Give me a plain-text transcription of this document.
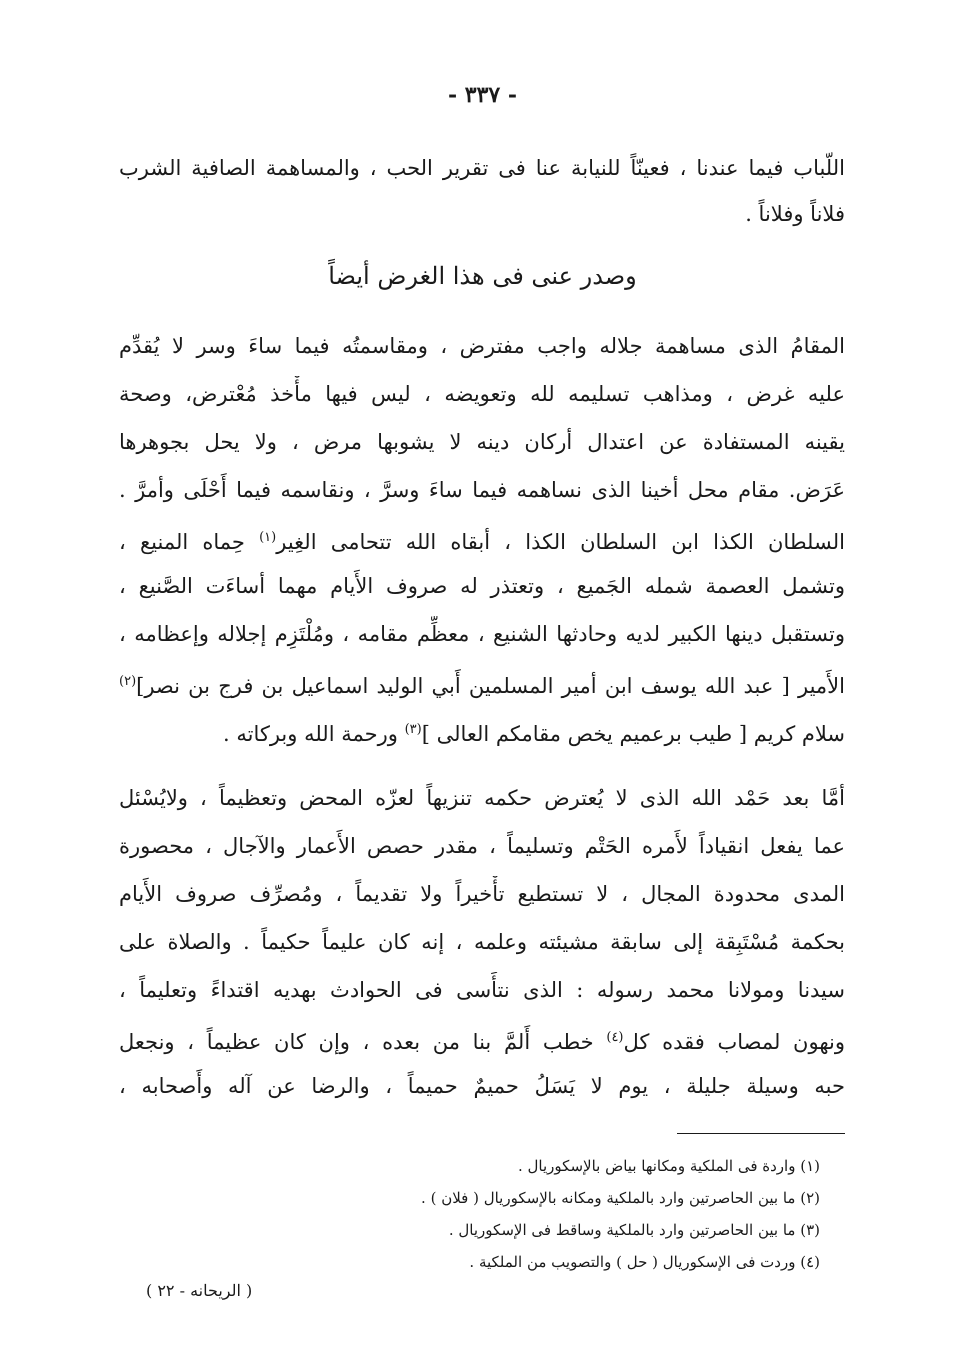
- ٣٣٧ -
اللّباب فيما عندنا ، فعينّاً للنيابة عنا فى تقرير الحب ، والمساهمة الصافية الشرب
فلاناً وفلاناً .
وصدر عنى فى هذا الغرض أيضاً
المقامُ الذى مساهمة جلاله واجب مفترض ، ومقاسمتُه فيما ساءَ وسر لا يُقدِّم
عليه غرض ، ومذاهب تسليمه لله وتعويضه ، ليس فيها مأْخذ مُعْترض، وصحة
يقينه المستفادة عن اعتدال أركان دينه لا يشوبها مرض ، ولا يحل بجوهرها
عَرَض. مقام محل أخينا الذى نساهمه فيما ساءَ وسرَّ ، ونقاسمه فيما أَحْلَى وأمرَّ .
السلطان الكذا ابن السلطان الكذا ، أبقاه الله تتحامى الغِير$^{(١)}$ حِماه المنيع ،
وتشمل العصمة شمله الجَميع ، وتعتذر له صروف الأَيام مهما أساءَت الصَّنيع ،
وتستقبل دينها الكبير لديه وحادثها الشنيع ، معظِّم مقامه ، ومُلْتَزِم إجلاله وإعظامه ،
الأَمير [ عبد الله يوسف ابن أمير المسلمين أَبي الوليد اسماعيل بن فرج بن نصر]$^{(٢)}$
سلام كريم [ طيب برعميم يخص مقامكم العالى ]$^{(٣)}$ ورحمة الله وبركاته .
أمَّا بعد حَمْد الله الذى لا يُعترض حكمه تنزيهاً لعزّه المحض وتعظيماً ، ولايُسْئل
عما يفعل انقياداً لأَمره الحَتْم وتسليماً ، مقدر حصص الأَعمار والآجال ، محصورة
المدى محدودة المجال ، لا تستطيع تأْخيراً ولا تقديماً ، ومُصرِّف صروف الأَيام
بحكمة مُسْتَبِقة إلى سابقة مشيئته وعلمه ، إنه كان عليماً حكيماً . والصلاة على
سيدنا ومولانا محمد رسوله : الذى نتأَسى فى الحوادث بهديه اقتداءً وتعليماً ،
ونهون لمصاب فقده كل$^{(٤)}$ خطب أَلمَّ بنا من بعده ، وإن كان عظيماً ، ونجعل
حبه وسيلة جليلة ، يوم لا يَسَلُ حميمٌ حميماً ، والرضا عن آله وأَصحابه ،
(١) واردة فى الملكية ومكانها بياض بالإسكوريال .
(٢) ما بين الحاصرتين وارد بالملكية ومكانه بالإسكوريال ( فلان ) .
(٣) ما بين الحاصرتين وارد بالملكية وساقط فى الإسكوريال .
(٤) وردت فى الإسكوريال ( حل ) والتصويب من الملكية .
( الريحانه - ٢٢ )
